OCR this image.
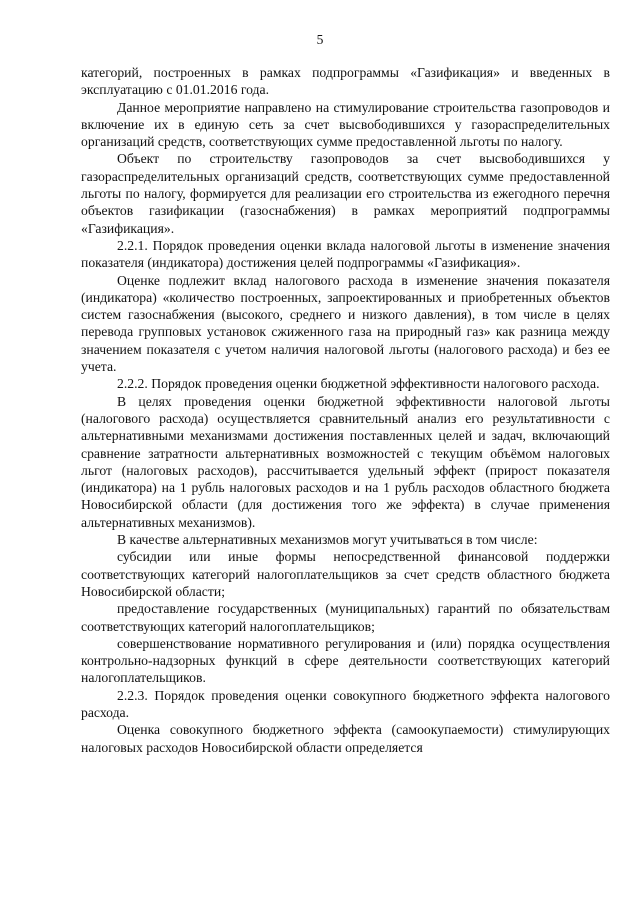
5

категорий, построенных в рамках подпрограммы «Газификация» и введенных в эксплуатацию с 01.01.2016 года.

Данное мероприятие направлено на стимулирование строительства газопроводов и включение их в единую сеть за счет высвободившихся у газораспределительных организаций средств, соответствующих сумме предоставленной льготы по налогу.

Объект по строительству газопроводов за счет высвободившихся у газораспределительных организаций средств, соответствующих сумме предоставленной льготы по налогу, формируется для реализации его строительства из ежегодного перечня объектов газификации (газоснабжения) в рамках мероприятий подпрограммы «Газификация».

2.2.1. Порядок проведения оценки вклада налоговой льготы в изменение значения показателя (индикатора) достижения целей подпрограммы «Газификация».

Оценке подлежит вклад налогового расхода в изменение значения показателя (индикатора) «количество построенных, запроектированных и приобретенных объектов систем газоснабжения (высокого, среднего и низкого давления), в том числе в целях перевода групповых установок сжиженного газа на природный газ» как разница между значением показателя с учетом наличия налоговой льготы (налогового расхода) и без ее учета.

2.2.2. Порядок проведения оценки бюджетной эффективности налогового расхода.

В целях проведения оценки бюджетной эффективности налоговой льготы (налогового расхода) осуществляется сравнительный анализ его результативности с альтернативными механизмами достижения поставленных целей и задач, включающий сравнение затратности альтернативных возможностей с текущим объёмом налоговых льгот (налоговых расходов), рассчитывается удельный эффект (прирост показателя (индикатора) на 1 рубль налоговых расходов и на 1 рубль расходов областного бюджета Новосибирской области (для достижения того же эффекта) в случае применения альтернативных механизмов).

В качестве альтернативных механизмов могут учитываться в том числе:

субсидии или иные формы непосредственной финансовой поддержки соответствующих категорий налогоплательщиков за счет средств областного бюджета Новосибирской области;

предоставление государственных (муниципальных) гарантий по обязательствам соответствующих категорий налогоплательщиков;

совершенствование нормативного регулирования и (или) порядка осуществления контрольно-надзорных функций в сфере деятельности соответствующих категорий налогоплательщиков.

2.2.3. Порядок проведения оценки совокупного бюджетного эффекта налогового расхода.

Оценка совокупного бюджетного эффекта (самоокупаемости) стимулирующих налоговых расходов Новосибирской области определяется
